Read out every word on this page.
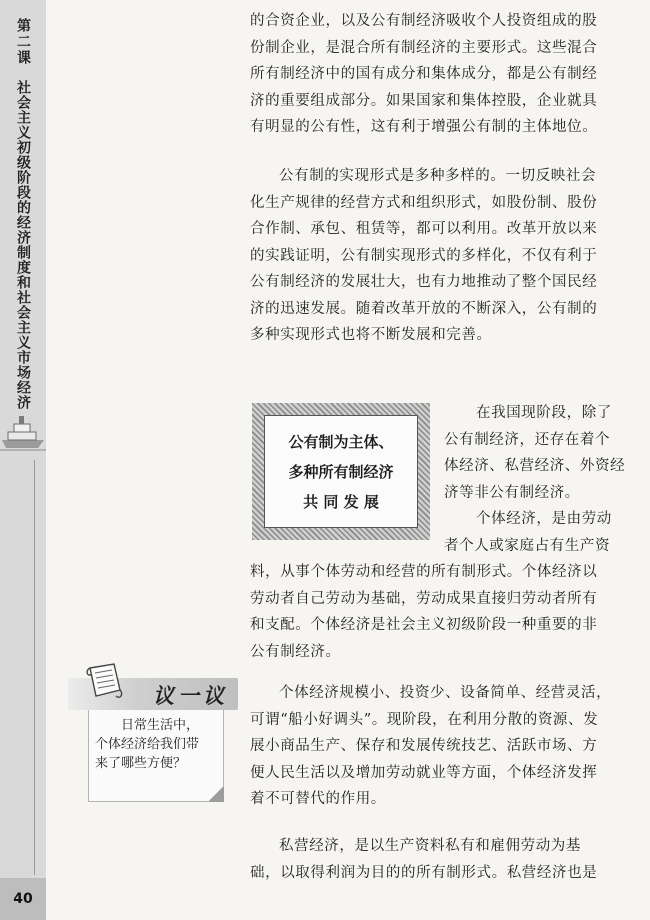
第二课
社会主义初级阶段的经济制度和社会主义市场经济
40
的合资企业，以及公有制经济吸收个人投资组成的股
份制企业，是混合所有制经济的主要形式。这些混合
所有制经济中的国有成分和集体成分，都是公有制经
济的重要组成部分。如果国家和集体控股，企业就具
有明显的公有性，这有利于增强公有制的主体地位。
公有制的实现形式是多种多样的。一切反映社会
化生产规律的经营方式和组织形式，如股份制、股份
合作制、承包、租赁等，都可以利用。改革开放以来
的实践证明，公有制实现形式的多样化，不仅有利于
公有制经济的发展壮大，也有力地推动了整个国民经
济的迅速发展。随着改革开放的不断深入，公有制的
多种实现形式也将不断发展和完善。
公有制为主体、
多种所有制经济
共 同 发 展
在我国现阶段，除了
公有制经济，还存在着个
体经济、私营经济、外资经
济等非公有制经济。
个体经济，是由劳动
者个人或家庭占有生产资
料，从事个体劳动和经营的所有制形式。个体经济以
劳动者自己劳动为基础，劳动成果直接归劳动者所有
和支配。个体经济是社会主义初级阶段一种重要的非
公有制经济。
议一议
日常生活中，
个体经济给我们带
来了哪些方便？
个体经济规模小、投资少、设备简单、经营灵活，
可谓“船小好调头”。现阶段，在利用分散的资源、发
展小商品生产、保存和发展传统技艺、活跃市场、方
便人民生活以及增加劳动就业等方面，个体经济发挥
着不可替代的作用。
私营经济，是以生产资料私有和雇佣劳动为基
础，以取得利润为目的的所有制形式。私营经济也是
